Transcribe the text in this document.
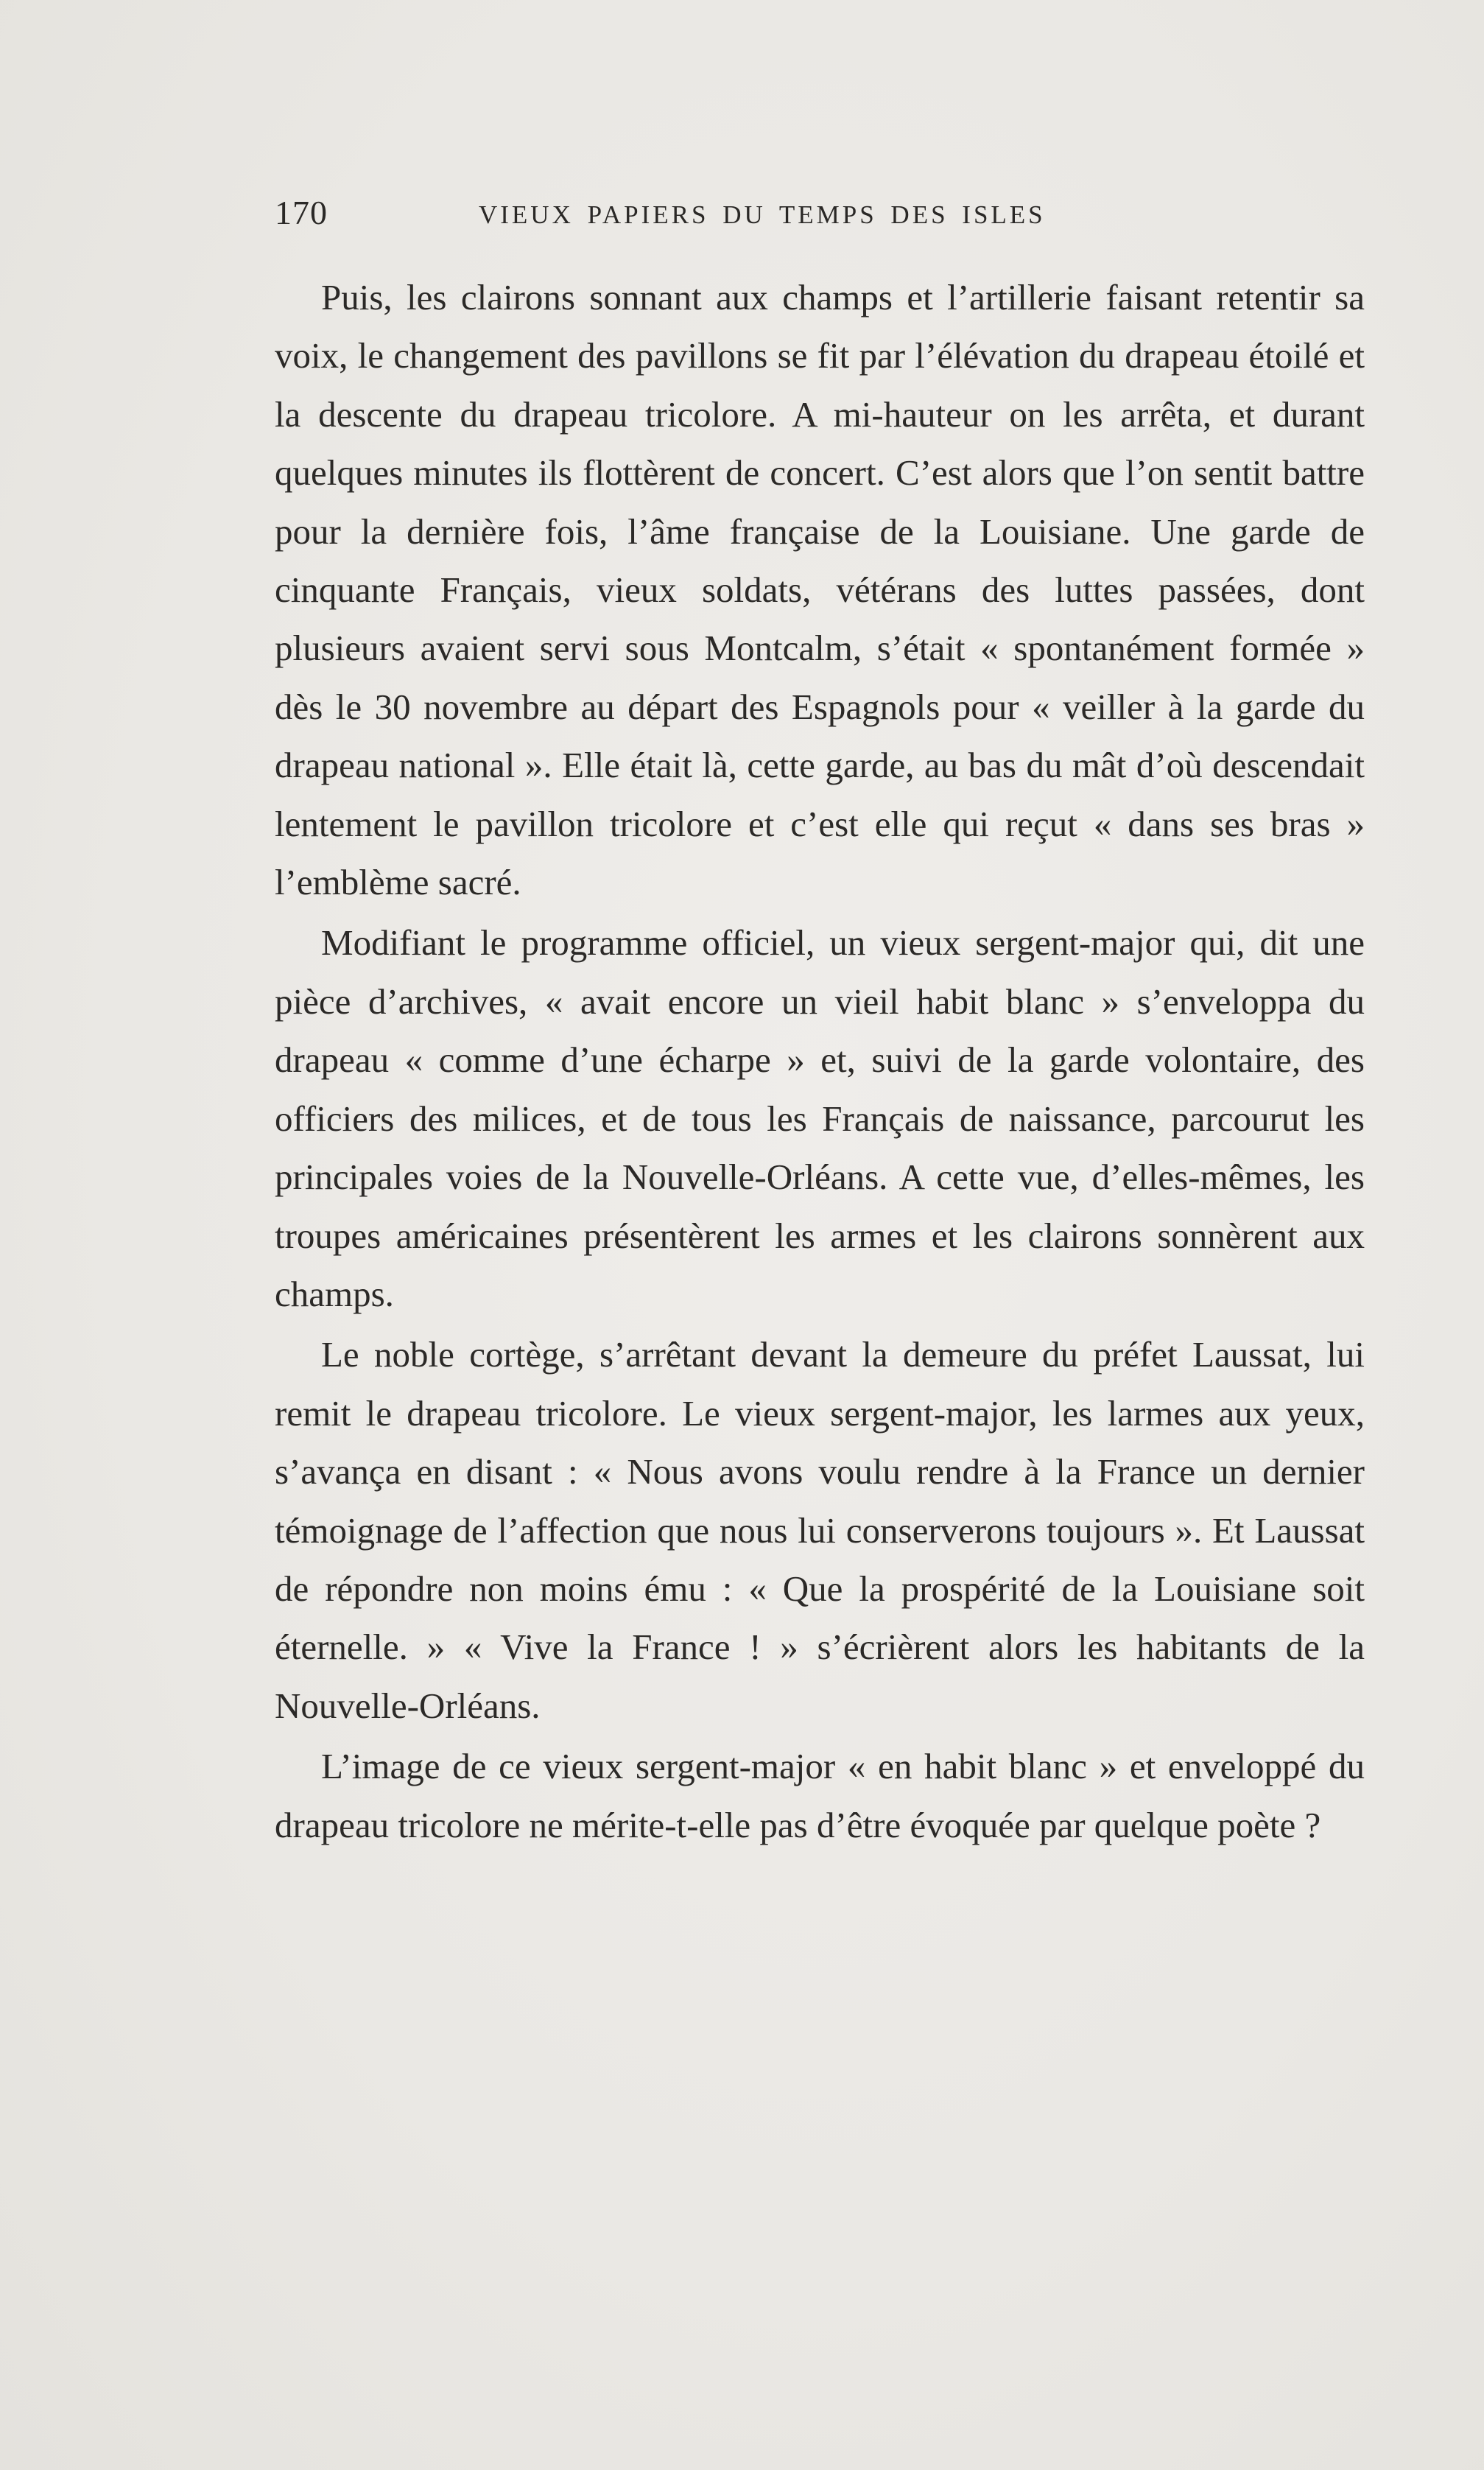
170	VIEUX PAPIERS DU TEMPS DES ISLES

Puis, les clairons sonnant aux champs et l’artillerie faisant retentir sa voix, le changement des pavillons se fit par l’élévation du drapeau étoilé et la descente du drapeau tricolore. A mi-hauteur on les arrêta, et durant quelques minutes ils flottèrent de concert. C’est alors que l’on sentit battre pour la dernière fois, l’âme française de la Louisiane. Une garde de cinquante Français, vieux soldats, vétérans des luttes passées, dont plusieurs avaient servi sous Montcalm, s’était « spontanément formée » dès le 30 novembre au départ des Espagnols pour « veiller à la garde du drapeau national ». Elle était là, cette garde, au bas du mât d’où descendait lentement le pavillon tricolore et c’est elle qui reçut « dans ses bras » l’emblème sacré.

Modifiant le programme officiel, un vieux sergent-major qui, dit une pièce d’archives, « avait encore un vieil habit blanc » s’enveloppa du drapeau « comme d’une écharpe » et, suivi de la garde volontaire, des officiers des milices, et de tous les Français de naissance, parcourut les principales voies de la Nouvelle-Orléans. A cette vue, d’elles-mêmes, les troupes américaines présentèrent les armes et les clairons sonnèrent aux champs.

Le noble cortège, s’arrêtant devant la demeure du préfet Laussat, lui remit le drapeau tricolore. Le vieux sergent-major, les larmes aux yeux, s’avança en disant : « Nous avons voulu rendre à la France un dernier témoignage de l’affection que nous lui conserverons toujours ». Et Laussat de répondre non moins ému : « Que la prospérité de la Louisiane soit éternelle. » « Vive la France ! » s’écrièrent alors les habitants de la Nouvelle-Orléans.

L’image de ce vieux sergent-major « en habit blanc » et enveloppé du drapeau tricolore ne mérite-t-elle pas d’être évoquée par quelque poète ?
